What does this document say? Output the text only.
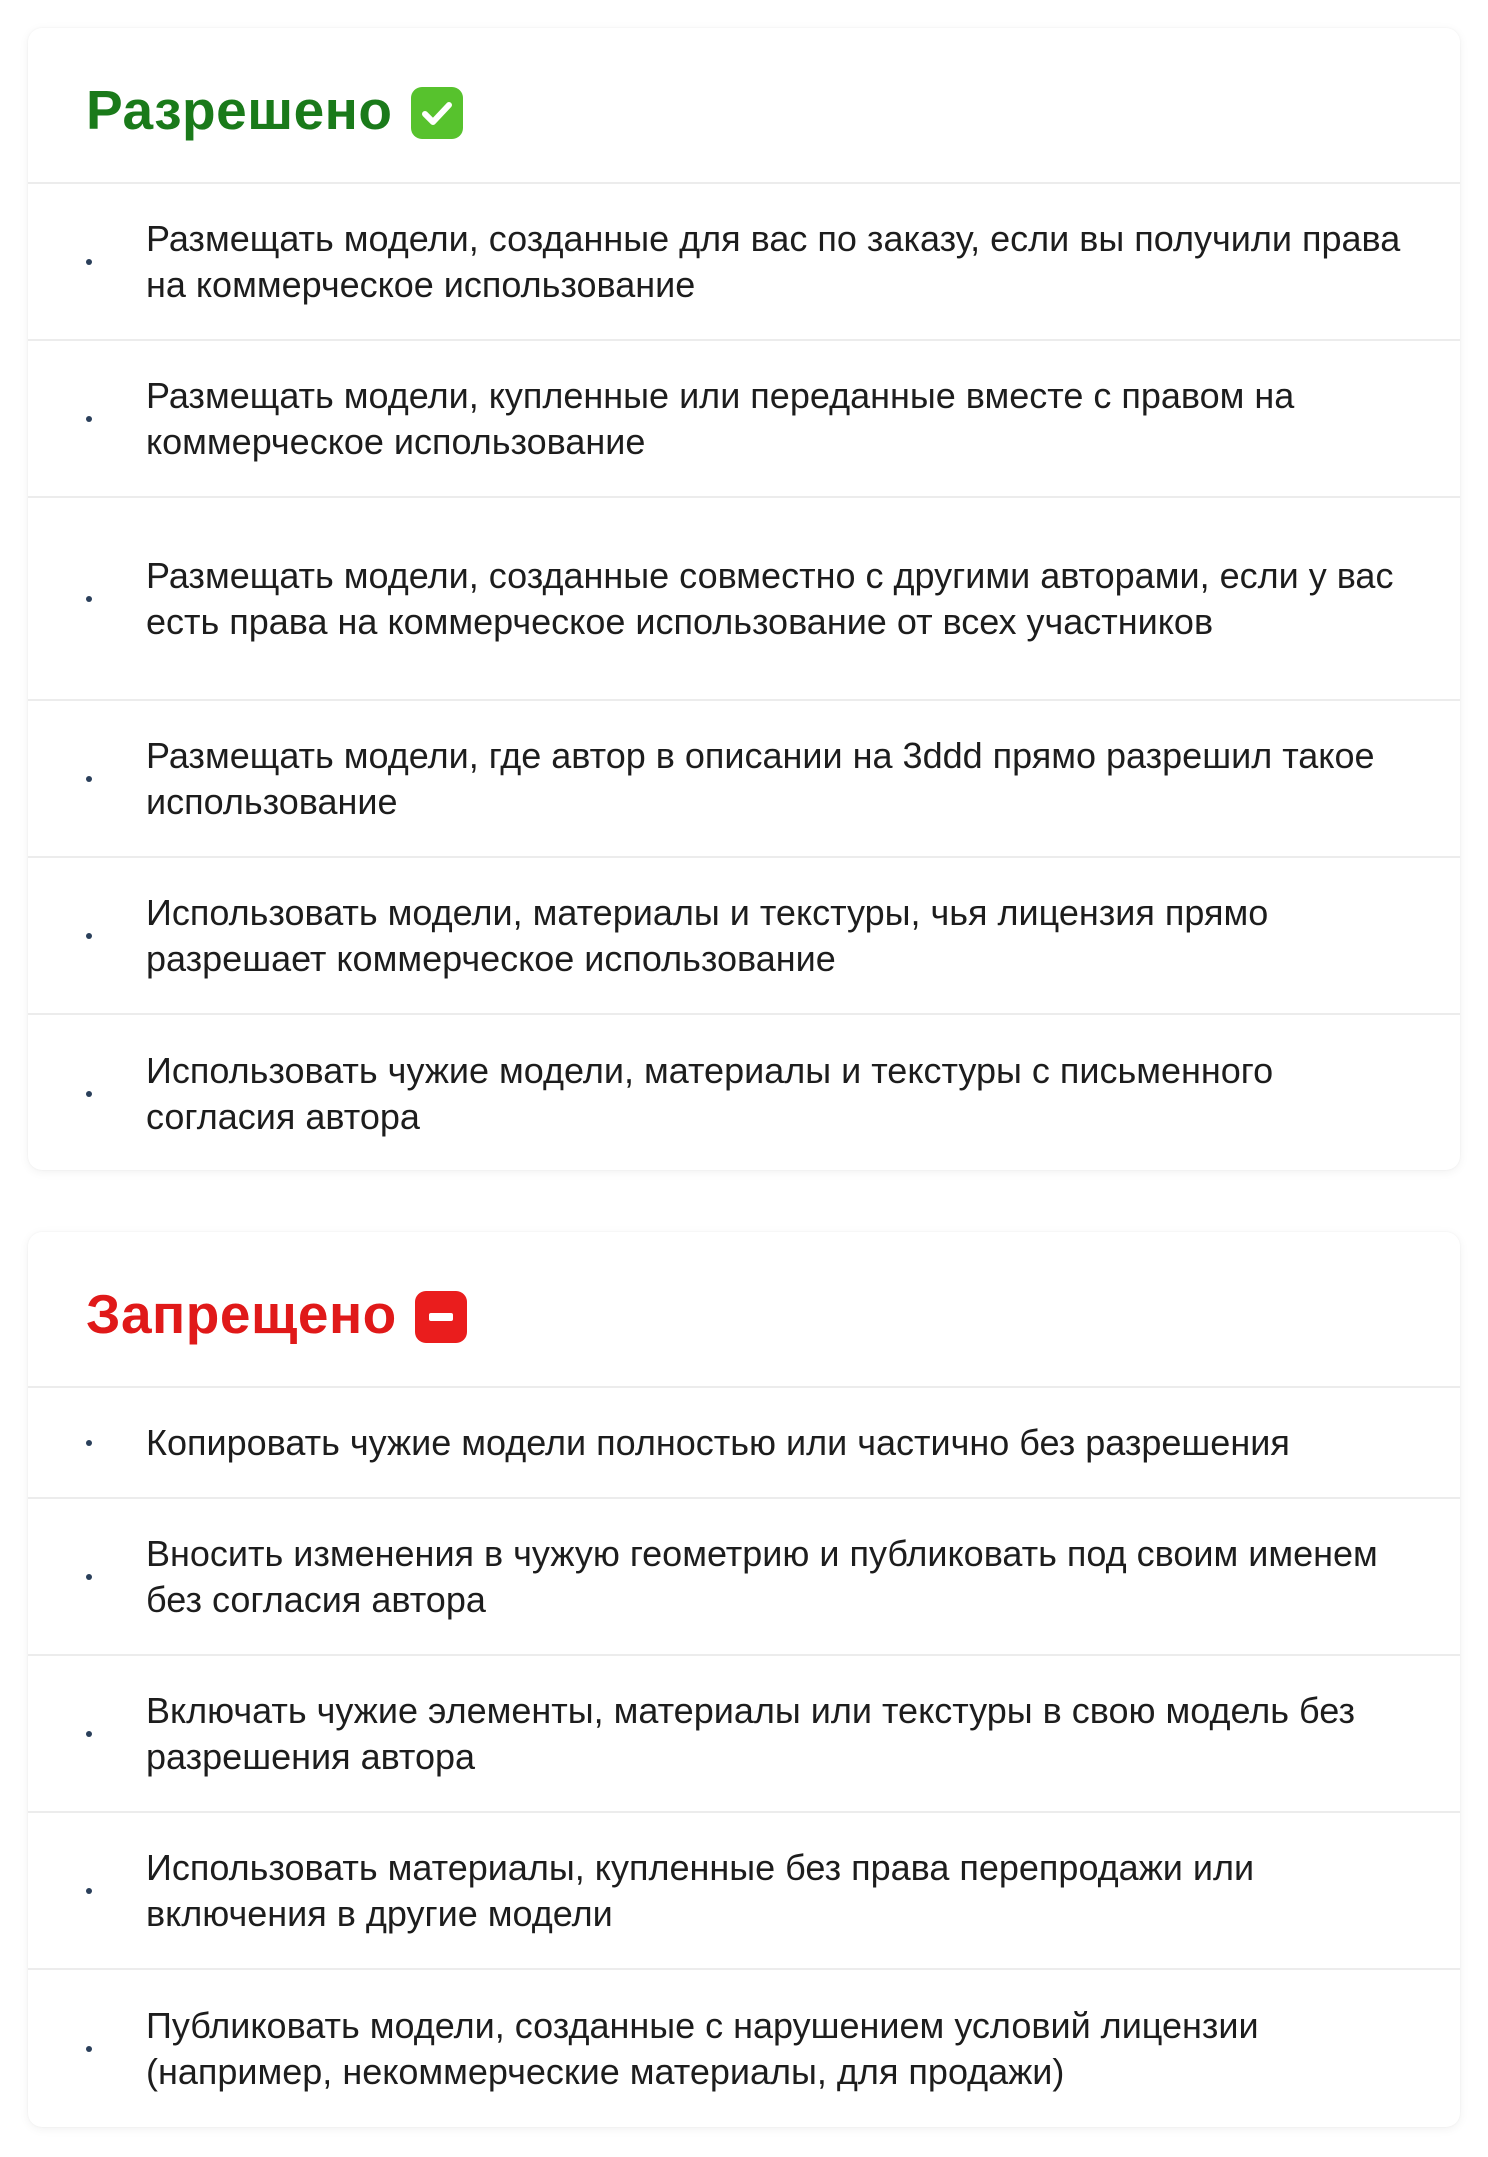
Разрешено
Размещать модели, созданные для вас по заказу, если вы получили права на коммерческое использование
Размещать модели, купленные или переданные вместе с правом на коммерческое использование
Размещать модели, созданные совместно с другими авторами, если у вас есть права на коммерческое использование от всех участников
Размещать модели, где автор в описании на 3ddd прямо разрешил такое использование
Использовать модели, материалы и текстуры, чья лицензия прямо разрешает коммерческое использование
Использовать чужие модели, материалы и текстуры с письменного согласия автора
Запрещено
Копировать чужие модели полностью или частично без разрешения
Вносить изменения в чужую геометрию и публиковать под своим именем без согласия автора
Включать чужие элементы, материалы или текстуры в свою модель без разрешения автора
Использовать материалы, купленные без права перепродажи или включения в другие модели
Публиковать модели, созданные с нарушением условий лицензии (например, некоммерческие материалы, для продажи)
